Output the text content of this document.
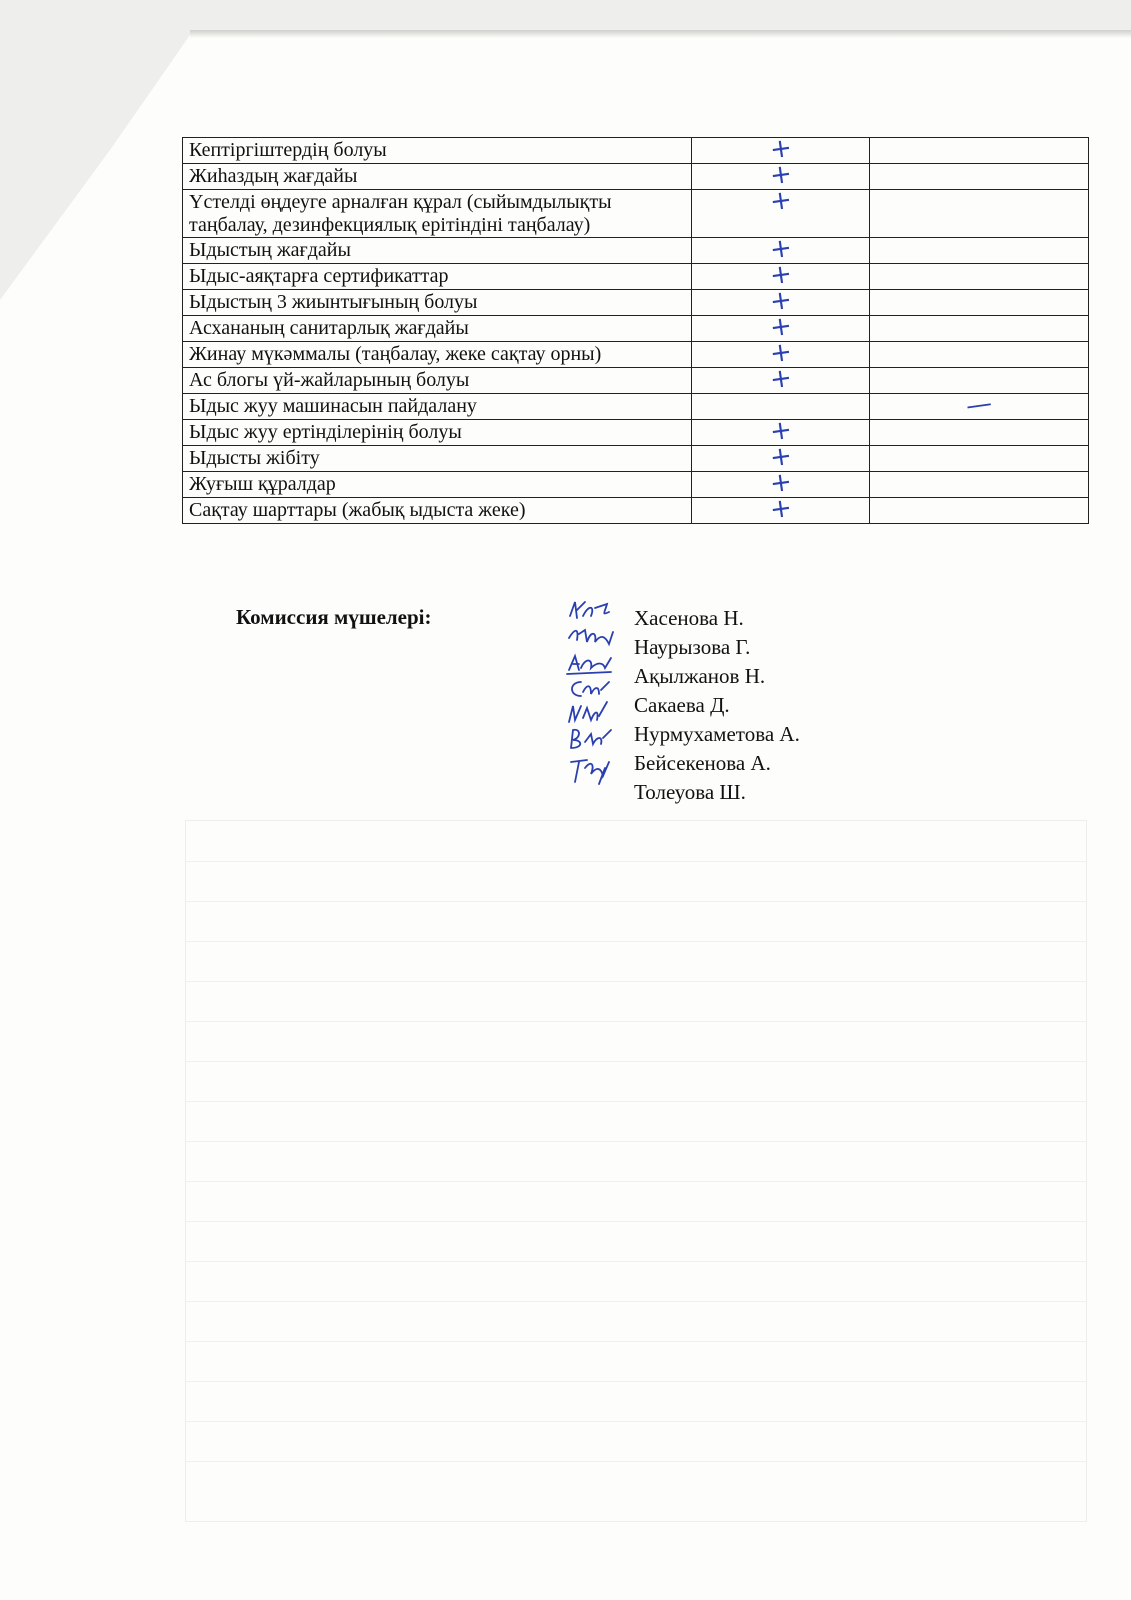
Кептіргіштердің болуы	+	
Жиһаздың жағдайы	+	
Үстелді өңдеуге арналған құрал (сыйымдылықты таңбалау, дезинфекциялық ерітіндіні таңбалау)	+	
Ыдыстың жағдайы	+	
Ыдыс-аяқтарға сертификаттар	+	
Ыдыстың 3 жиынтығының болуы	+	
Асхананың санитарлық жағдайы	+	
Жинау мүкәммалы (таңбалау, жеке сақтау орны)	+	
Ас блогы үй-жайларының болуы	+	
Ыдыс жуу машинасын пайдалану		—
Ыдыс жуу ертінділерінің болуы	+	
Ыдысты жібіту	+	
Жуғыш құралдар	+	
Сақтау шарттары (жабық ыдыста жеке)	+	
Комиссия мүшелері:	Хасенова Н.
Наурызова Г.
Ақылжанов Н.
Сакаева Д.
Нурмухаметова А.
Бейсекенова А.
Толеуова Ш.
